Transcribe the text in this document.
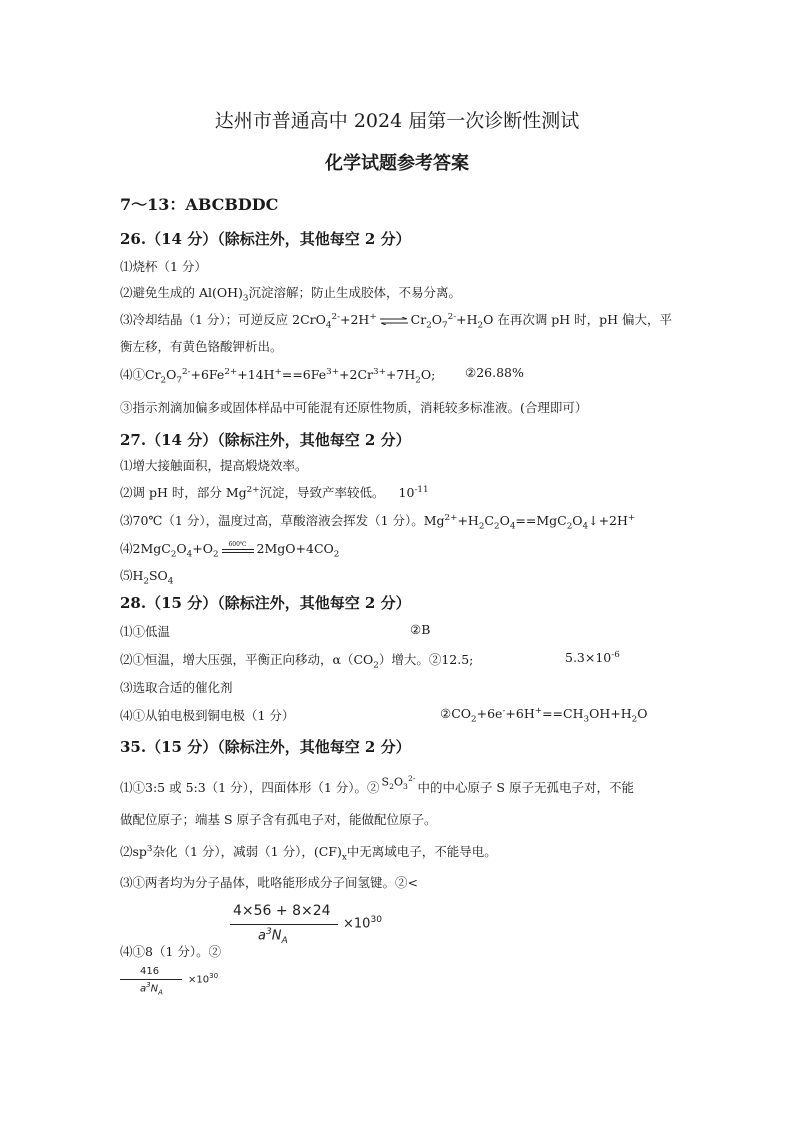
达州市普通高中 2024 届第一次诊断性测试
化学试题参考答案
7～13：ABCBDDC
26.（14 分）（除标注外，其他每空 2 分）
⑴烧杯（1 分）
⑵避免生成的 $Al(OH)_3$沉淀溶解；防止生成胶体，不易分离。
⑶冷却结晶（1 分）；可逆反应 2CrO$_4^{2-}$+2H+ ⇌ $Cr_2O_7^{2-}+H_2O$ 在再次调 pH 时，pH 偏大，平
衡左移，有黄色铬酸钾析出。
$⑷①Cr_2O_7^{2-}+6Fe^{2+}+14H^+==6Fe^{3+}+2Cr^{3+}+7H_2O$; ②26.88%
③指示剂滴加偏多或固体样品中可能混有还原性物质，消耗较多标准液。(合理即可）
27.（14 分）（除标注外，其他每空 2 分）
⑴增大接触面积，提高煅烧效率。
⑵调 pH 时，部分 $Mg^{2+}$沉淀，导致产率较低。 $10^{-11}$
⑶70℃（1 分），温度过高，草酸溶液会挥发（1 分）。$Mg^{2+}+H_2C_2O_4==MgC_2O_4↓+2H^+$
$⑷2MgC_2O_4+O_2$
600℃ $2MgO+4CO_2$
$⑸H_2SO_4$
28.（15 分）（除标注外，其他每空 2 分）
⑴①低温	②B
⑵①恒温，增大压强，平衡正向移动，$\alpha(CO_2)$增大。②12.5;	$5.3\times 10^{-6}$
⑶选取合适的催化剂
⑷①从铂电极到铜电极（1 分）	$②CO_2+6e^-+6H^+==CH_3OH+H_2O$
35.（15 分）（除标注外，其他每空 2 分）
⑴①3:5 或 5:3（1 分），四面体形（1 分）。② $S_2O_3^{2-}$中的中心原子 S 原子无孤电子对，不能
做配位原子；端基 S 原子含有孤电子对，能做配位原子。
$⑵sp^3$杂化（1 分），减弱（1 分），$(CF)_x$中无离域电子，不能导电。
⑶①两者均为分子晶体，吡咯能形成分子间氢键。②<
4×56 + 8×24
$a^3N_A$
$\times 10^{30}$
⑷①8（1 分）。②
416
$a^3N_A$
$\times 10^{30}$
